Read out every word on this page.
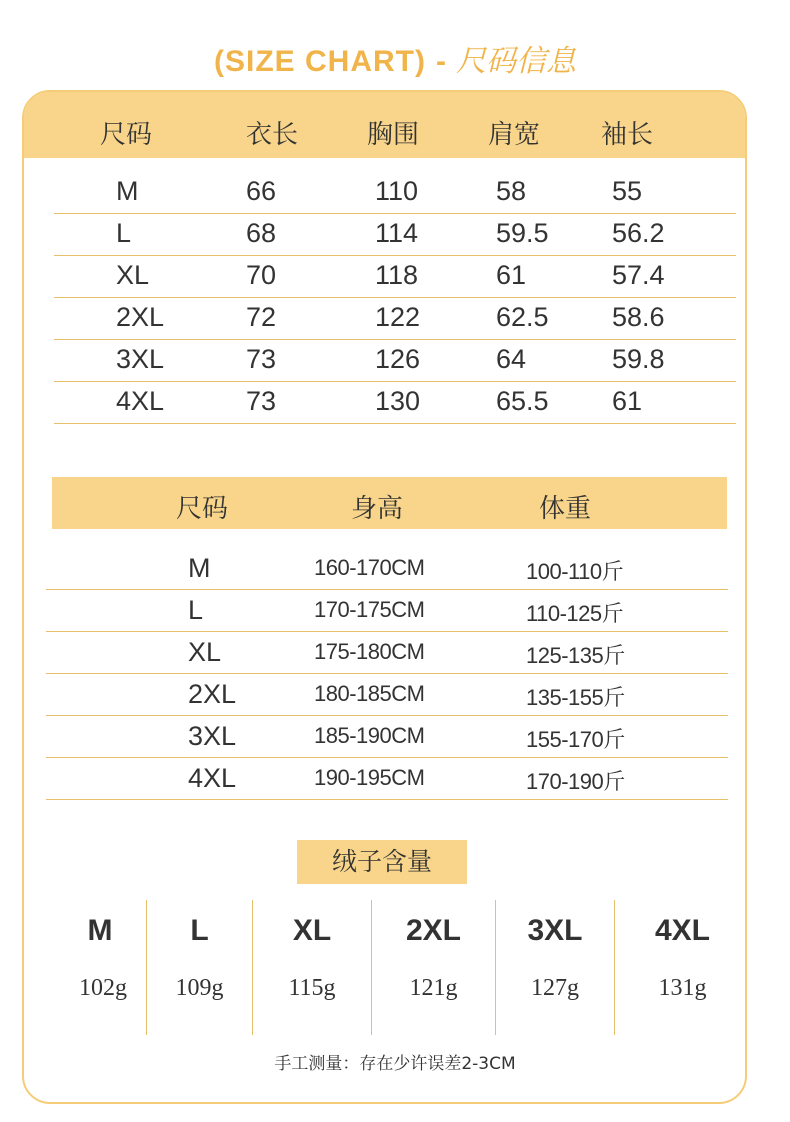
(SIZE CHART) - 尺码信息
尺码	衣长	胸围	肩宽 袖长
M	66	110	58	55
L	68	114	59.5 56.2
XL	70	118	61	57.4
2XL	72	122	62.5 58.6
3XL	73	126	64	59.8
4XL	73	130	65.5 61
尺码	身高	体重
M	160-170CM	100-110斤
L	170-175CM	110-125斤
XL	175-180CM	125-135斤
2XL	180-185CM	135-155斤
3XL	185-190CM	155-170斤
4XL	190-195CM	170-190斤
绒子含量
M
102g
L
109g
XL
115g
2XL
121g
3XL
127g
4XL
131g
手工测量：存在少许误差2-3CM
